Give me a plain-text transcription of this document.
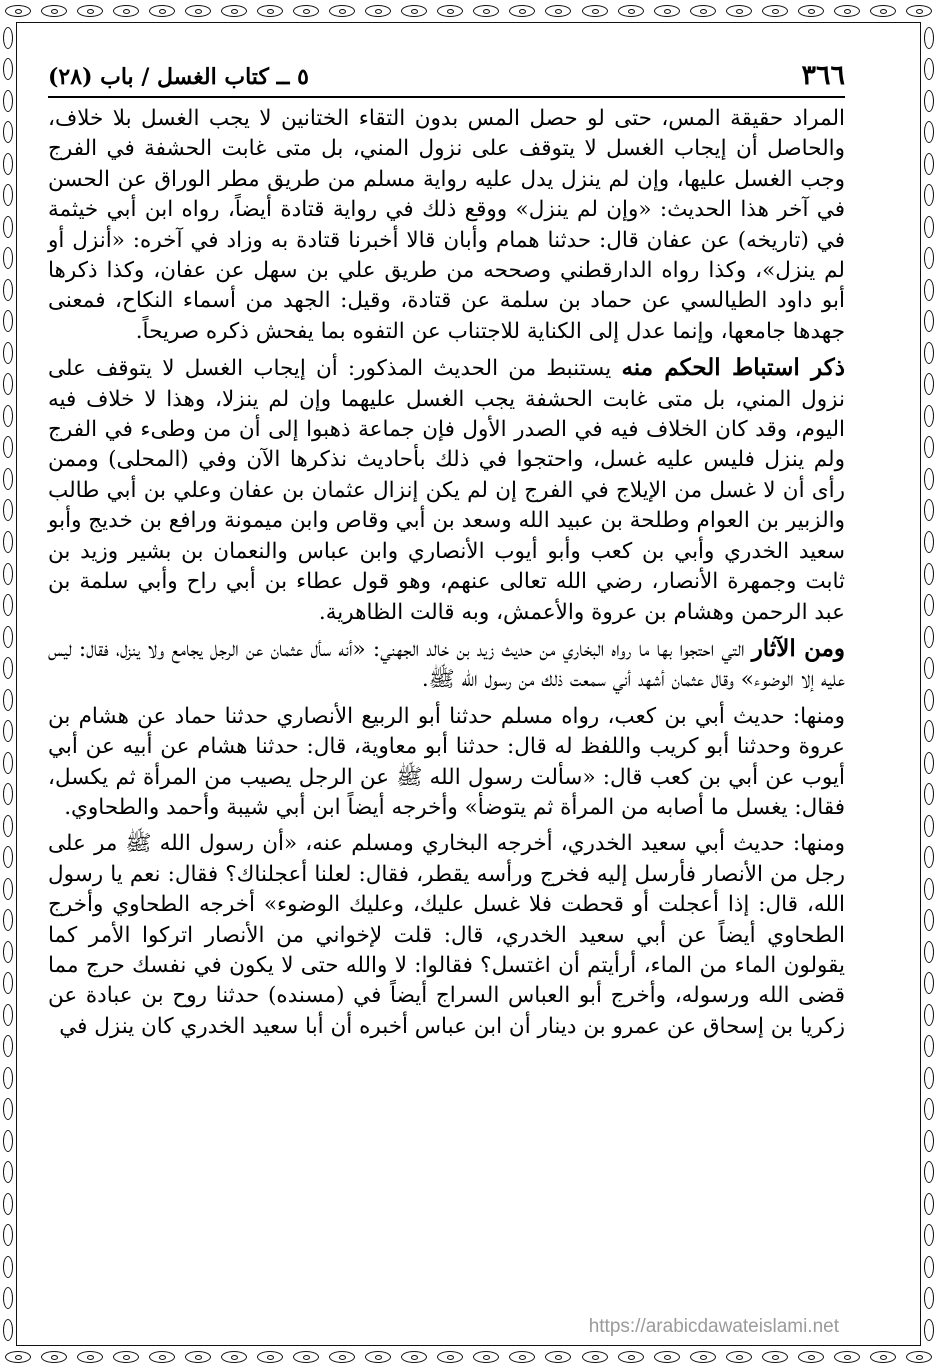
٣٦٦
٥ ــ كتاب الغسل / باب (٢٨)

المراد حقيقة المس، حتى لو حصل المس بدون التقاء الختانين لا يجب الغسل بلا خلاف، والحاصل أن إيجاب الغسل لا يتوقف على نزول المني، بل متى غابت الحشفة في الفرج وجب الغسل عليها، وإن لم ينزل يدل عليه رواية مسلم من طريق مطر الوراق عن الحسن في آخر هذا الحديث: «وإن لم ينزل» ووقع ذلك في رواية قتادة أيضاً، رواه ابن أبي خيثمة في (تاريخه) عن عفان قال: حدثنا همام وأبان قالا أخبرنا قتادة به وزاد في آخره: «أنزل أو لم ينزل»، وكذا رواه الدارقطني وصححه من طريق علي بن سهل عن عفان، وكذا ذكرها أبو داود الطيالسي عن حماد بن سلمة عن قتادة، وقيل: الجهد من أسماء النكاح، فمعنى جهدها جامعها، وإنما عدل إلى الكناية للاجتناب عن التفوه بما يفحش ذكره صريحاً.

ذكر استباط الحكم منه يستنبط من الحديث المذكور: أن إيجاب الغسل لا يتوقف على نزول المني، بل متى غابت الحشفة يجب الغسل عليهما وإن لم ينزلا، وهذا لا خلاف فيه اليوم، وقد كان الخلاف فيه في الصدر الأول فإن جماعة ذهبوا إلى أن من وطىء في الفرج ولم ينزل فليس عليه غسل، واحتجوا في ذلك بأحاديث نذكرها الآن وفي (المحلى) وممن رأى أن لا غسل من الإيلاج في الفرج إن لم يكن إنزال عثمان بن عفان وعلي بن أبي طالب والزبير بن العوام وطلحة بن عبيد الله وسعد بن أبي وقاص وابن ميمونة ورافع بن خديج وأبو سعيد الخدري وأبي بن كعب وأبو أيوب الأنصاري وابن عباس والنعمان بن بشير وزيد بن ثابت وجمهرة الأنصار، رضي الله تعالى عنهم، وهو قول عطاء بن أبي راح وأبي سلمة بن عبد الرحمن وهشام بن عروة والأعمش، وبه قالت الظاهرية.

ومن الآثار التي احتجوا بها ما رواه البخاري من حديث زيد بن خالد الجهني: «أنه سأل عثمان عن الرجل يجامع ولا ينزل، فقال: ليس عليه إلا الوضوء» وقال عثمان أشهد أني سمعت ذلك من رسول الله ﷺ.

ومنها: حديث أبي بن كعب، رواه مسلم حدثنا أبو الربيع الأنصاري حدثنا حماد عن هشام بن عروة وحدثنا أبو كريب واللفظ له قال: حدثنا أبو معاوية، قال: حدثنا هشام عن أبيه عن أبي أيوب عن أبي بن كعب قال: «سألت رسول الله ﷺ عن الرجل يصيب من المرأة ثم يكسل، فقال: يغسل ما أصابه من المرأة ثم يتوضأ» وأخرجه أيضاً ابن أبي شيبة وأحمد والطحاوي.

ومنها: حديث أبي سعيد الخدري، أخرجه البخاري ومسلم عنه، «أن رسول الله ﷺ مر على رجل من الأنصار فأرسل إليه فخرج ورأسه يقطر، فقال: لعلنا أعجلناك؟ فقال: نعم يا رسول الله، قال: إذا أعجلت أو قحطت فلا غسل عليك، وعليك الوضوء» أخرجه الطحاوي وأخرج الطحاوي أيضاً عن أبي سعيد الخدري، قال: قلت لإخواني من الأنصار اتركوا الأمر كما يقولون الماء من الماء، أرأيتم أن اغتسل؟ فقالوا: لا والله حتى لا يكون في نفسك حرج مما قضى الله ورسوله، وأخرج أبو العباس السراج أيضاً في (مسنده) حدثنا روح بن عبادة عن زكريا بن إسحاق عن عمرو بن دينار أن ابن عباس أخبره أن أبا سعيد الخدري كان ينزل في

https://arabicdawateislami.net
